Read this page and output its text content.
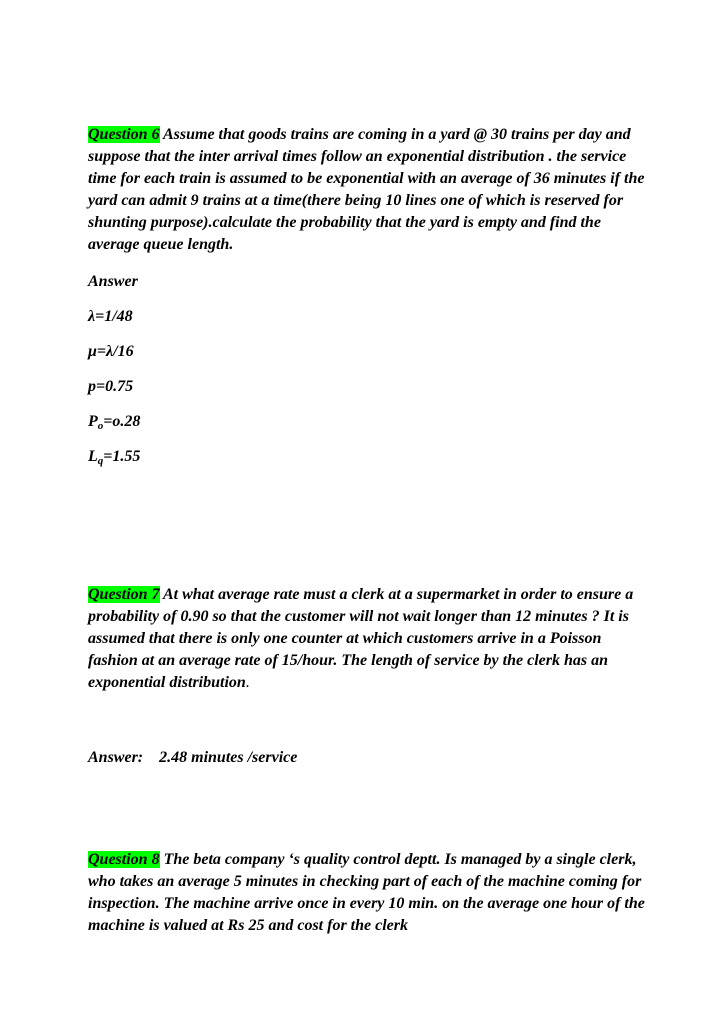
Question 6 Assume that goods trains are coming in a yard @ 30 trains per day and suppose that the inter arrival times follow an exponential distribution . the service time for each train is assumed to be exponential with an average of 36 minutes if the yard can admit 9 trains at a time(there being 10 lines one of which is reserved for shunting purpose).calculate the probability that the yard is empty and find the average queue length.

Answer
λ=1/48
μ=λ/16
p=0.75
$P_o=o.28$
$L_q=1.55$

Question 7 At what average rate must a clerk at a supermarket in order to ensure a probability of 0.90 so that the customer will not wait longer than 12 minutes ? It is assumed that there is only one counter at which customers arrive in a Poisson fashion at an average rate of 15/hour. The length of service by the clerk has an exponential distribution.

Answer: 2.48 minutes /service

Question 8 The beta company ‘s quality control deptt. Is managed by a single clerk, who takes an average 5 minutes in checking part of each of the machine coming for inspection. The machine arrive once in every 10 min. on the average one hour of the machine is valued at Rs 25 and cost for the clerk
